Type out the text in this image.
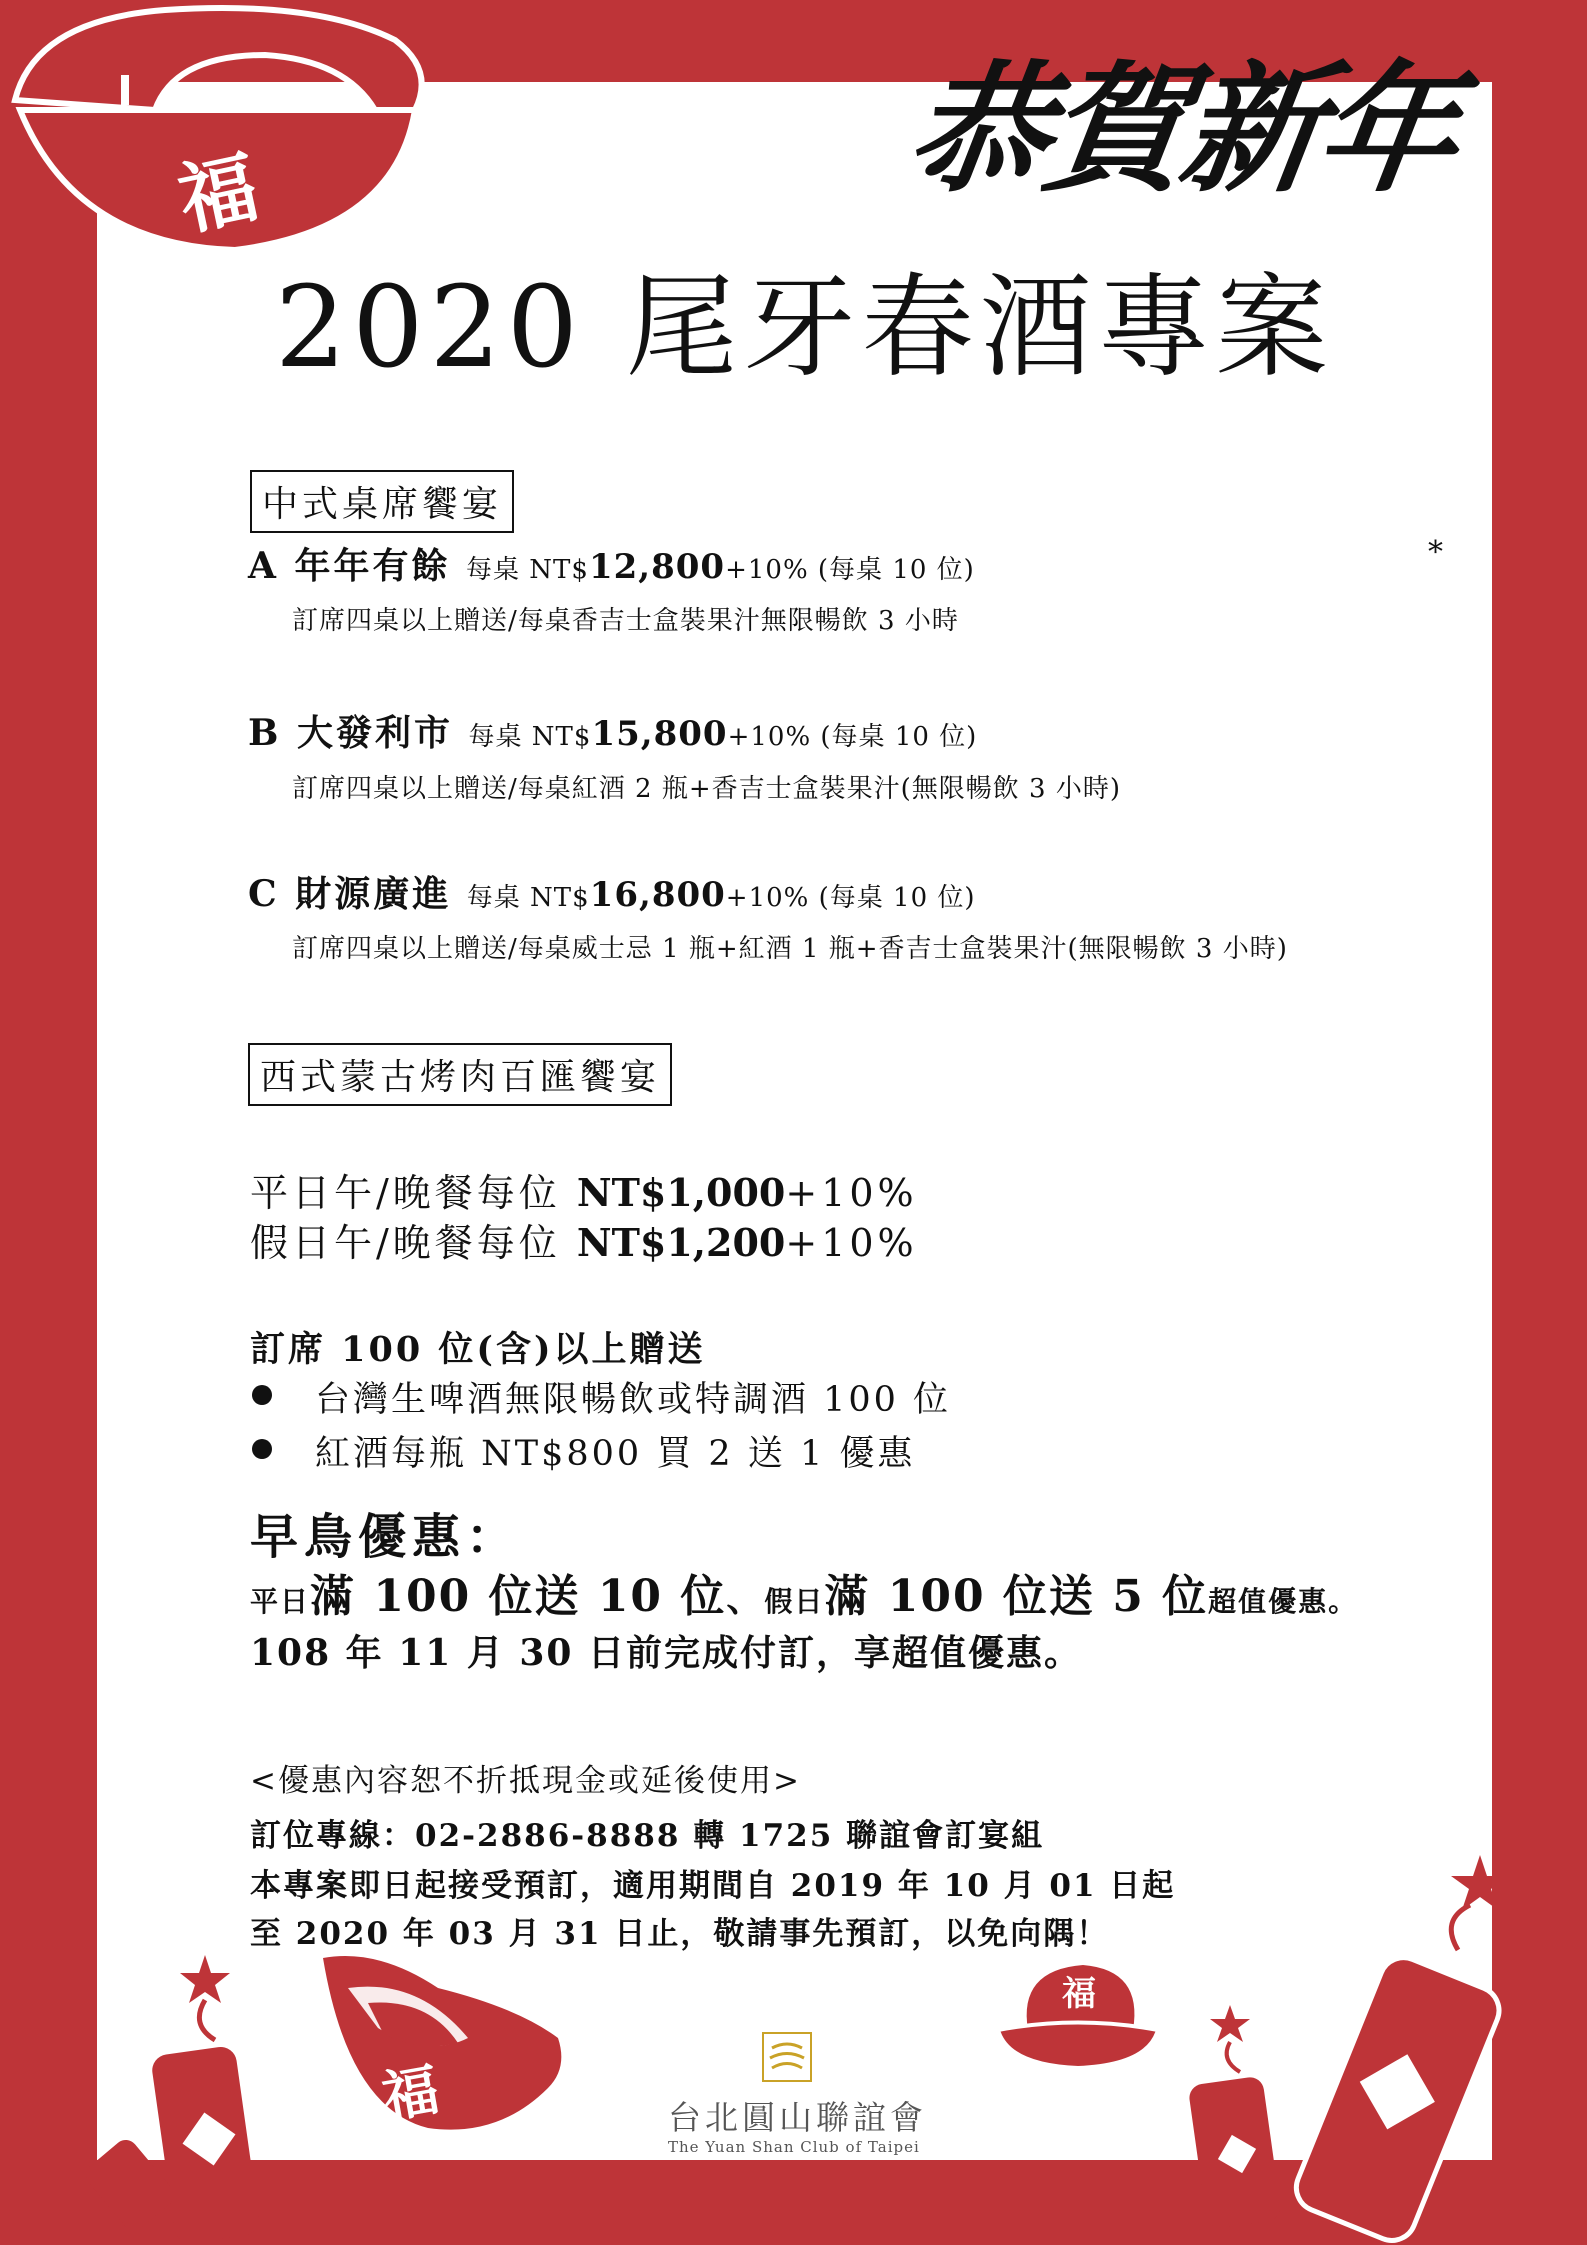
福	恭賀新年
2020 尾牙春酒專案
中式桌席饗宴
*
A 年年有餘 每桌 NT$12,800+10% (每桌 10 位)
訂席四桌以上贈送/每桌香吉士盒裝果汁無限暢飲 3 小時
B 大發利市 每桌 NT$15,800+10% (每桌 10 位)
訂席四桌以上贈送/每桌紅酒 2 瓶+香吉士盒裝果汁(無限暢飲 3 小時)
C 財源廣進 每桌 NT$16,800+10% (每桌 10 位)
訂席四桌以上贈送/每桌威士忌 1 瓶+紅酒 1 瓶+香吉士盒裝果汁(無限暢飲 3 小時)
西式蒙古烤肉百匯饗宴
平日午/晚餐每位 NT$1,000+10%
假日午/晚餐每位 NT$1,200+10%
訂席 100 位(含)以上贈送
台灣生啤酒無限暢飲或特調酒 100 位
紅酒每瓶 NT$800 買 2 送 1 優惠
早鳥優惠：
平日滿 100 位送 10 位、假日滿 100 位送 5 位超值優惠。
108 年 11 月 30 日前完成付訂，享超值優惠。
<優惠內容恕不折抵現金或延後使用>
訂位專線：02-2886-8888 轉 1725 聯誼會訂宴組
本專案即日起接受預訂，適用期間自 2019 年 10 月 01 日起
至 2020 年 03 月 31 日止，敬請事先預訂，以免向隅！
福
福
台北圓山聯誼會
The Yuan Shan Club of Taipei
